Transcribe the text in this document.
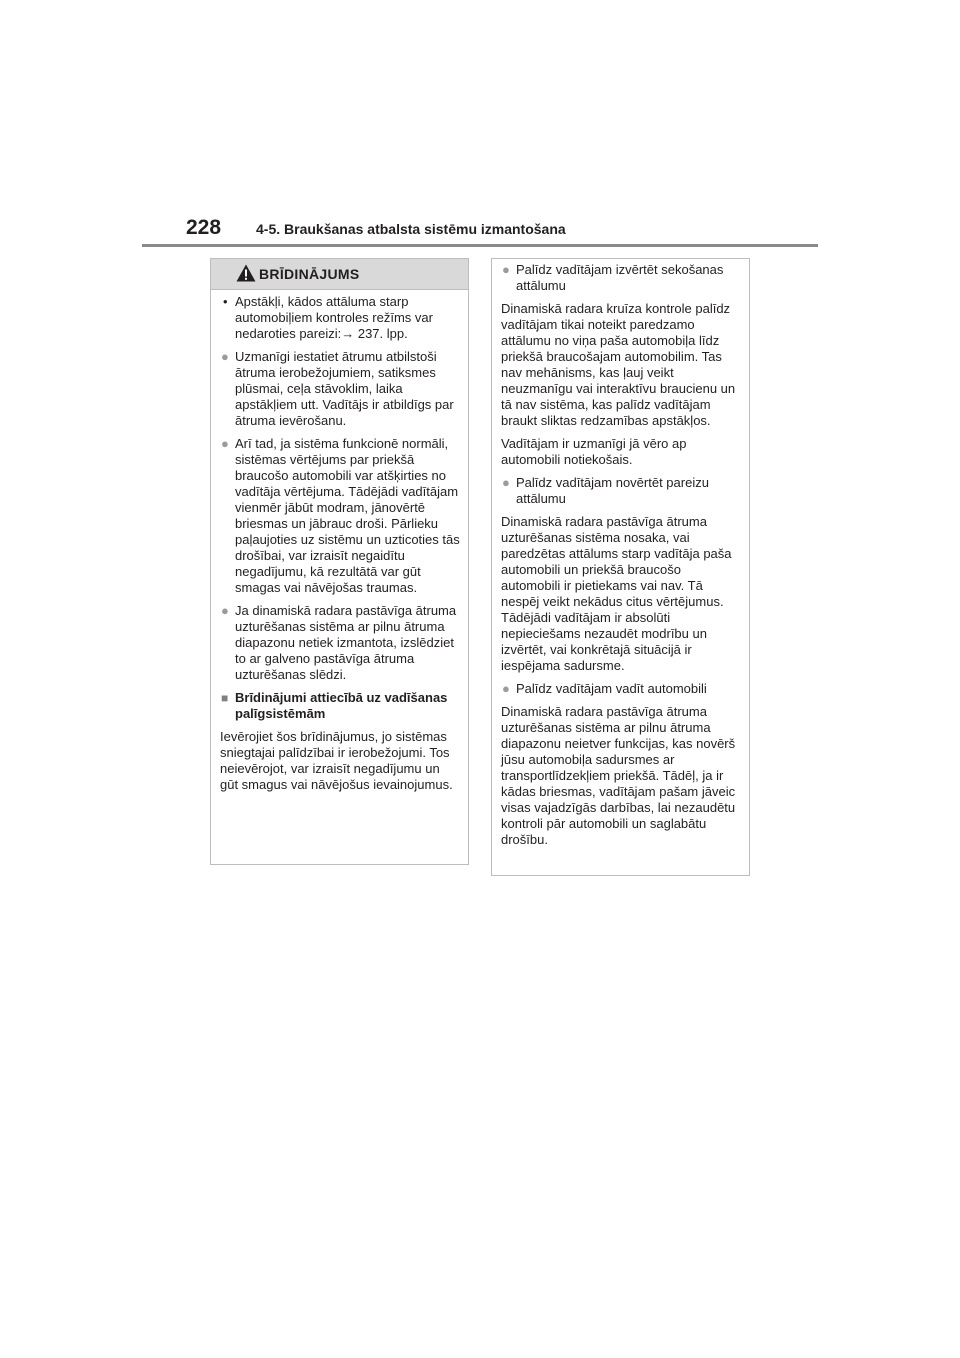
228 4-5. Braukšanas atbalsta sistēmu izmantošana
BRĪDINĀJUMS
• Apstākļi, kādos attāluma starp automobiļiem kontroles režīms var nedaroties pareizi:→ 237. lpp.
● Uzmanīgi iestatiet ātrumu atbilstoši ātruma ierobežojumiem, satiksmes plūsmai, ceļa stāvoklim, laika apstākļiem utt. Vadītājs ir atbildīgs par ātruma ievērošanu.
● Arī tad, ja sistēma funkcionē normāli, sistēmas vērtējums par priekšā braucošo automobili var atšķirties no vadītāja vērtējuma. Tādējādi vadītājam vienmēr jābūt modram, jānovērtē briesmas un jābrauc droši. Pārlieku paļaujoties uz sistēmu un uzticoties tās drošībai, var izraisīt negaidītu negadījumu, kā rezultātā var gūt smagas vai nāvējošas traumas.
● Ja dinamiskā radara pastāvīga ātruma uzturēšanas sistēma ar pilnu ātruma diapazonu netiek izmantota, izslēdziet to ar galveno pastāvīga ātruma uzturēšanas slēdzi.
■ Brīdinājumi attiecībā uz vadīšanas palīgsistēmām

Ievērojiet šos brīdinājumus, jo sistēmas sniegtajai palīdzībai ir ierobežojumi. Tos neievērojot, var izraisīt negadījumu un gūt smagus vai nāvējošus ievainojumus.

● Palīdz vadītājam izvērtēt sekošanas attālumu

Dinamiskā radara kruīza kontrole palīdz vadītājam tikai noteikt paredzamo attālumu no viņa paša automobiļa līdz priekšā braucošajam automobilim. Tas nav mehānisms, kas ļauj veikt neuzmanīgu vai interaktīvu braucienu un tā nav sistēma, kas palīdz vadītājam braukt sliktas redzamības apstākļos.

Vadītājam ir uzmanīgi jā vēro ap automobili notiekošais.

● Palīdz vadītājam novērtēt pareizu attālumu

Dinamiskā radara pastāvīga ātruma uzturēšanas sistēma nosaka, vai paredzētas attālums starp vadītāja paša automobili un priekšā braucošo automobili ir pietiekams vai nav. Tā nespēj veikt nekādus citus vērtējumus. Tādējādi vadītājam ir absolūti nepieciešams nezaudēt modrību un izvērtēt, vai konkrētajā situācijā ir iespējama sadursme.

● Palīdz vadītājam vadīt automobili

Dinamiskā radara pastāvīga ātruma uzturēšanas sistēma ar pilnu ātruma diapazonu neietver funkcijas, kas novērš jūsu automobiļa sadursmes ar transportlīdzekļiem priekšā. Tādēļ, ja ir kādas briesmas, vadītājam pašam jāveic visas vajadzīgās darbības, lai nezaudētu kontroli pār automobili un saglabātu drošību.
